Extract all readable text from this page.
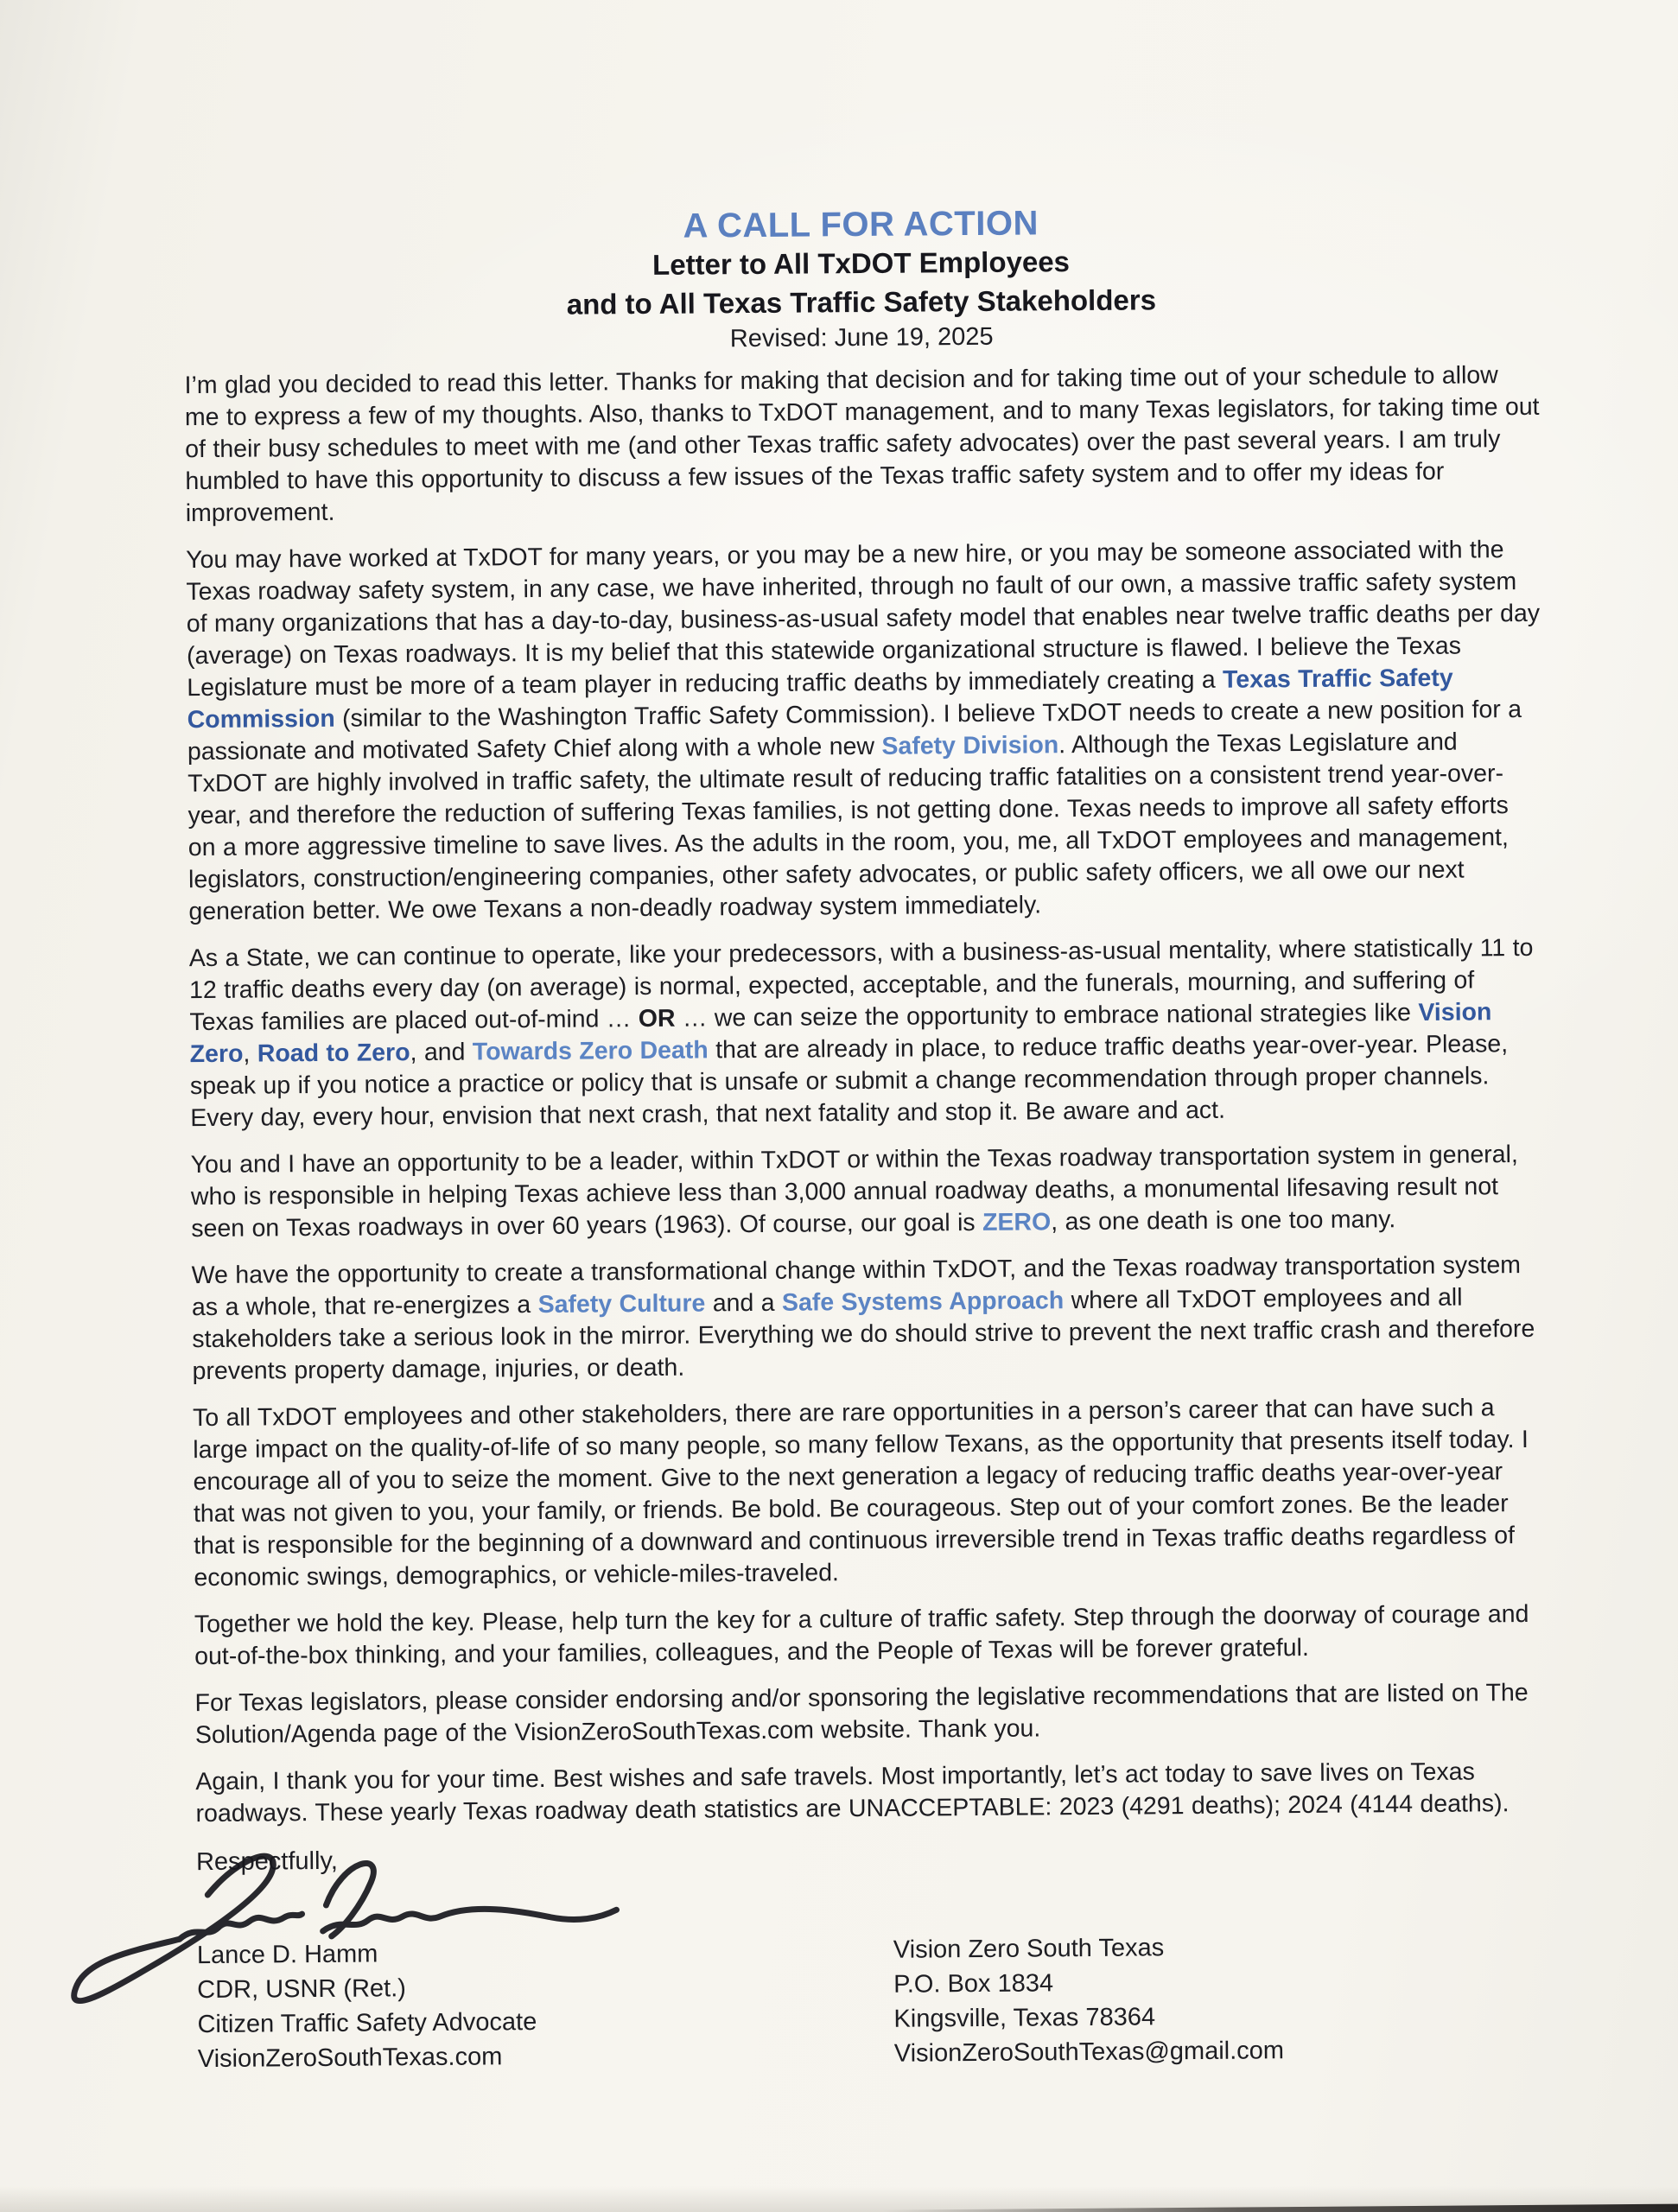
A CALL FOR ACTION
Letter to All TxDOT Employees
and to All Texas Traffic Safety Stakeholders
Revised: June 19, 2025

I’m glad you decided to read this letter. Thanks for making that decision and for taking time out of your schedule to allow me to express a few of my thoughts. Also, thanks to TxDOT management, and to many Texas legislators, for taking time out of their busy schedules to meet with me (and other Texas traffic safety advocates) over the past several years. I am truly humbled to have this opportunity to discuss a few issues of the Texas traffic safety system and to offer my ideas for improvement.

You may have worked at TxDOT for many years, or you may be a new hire, or you may be someone associated with the Texas roadway safety system, in any case, we have inherited, through no fault of our own, a massive traffic safety system of many organizations that has a day-to-day, business-as-usual safety model that enables near twelve traffic deaths per day (average) on Texas roadways. It is my belief that this statewide organizational structure is flawed. I believe the Texas Legislature must be more of a team player in reducing traffic deaths by immediately creating a Texas Traffic Safety Commission (similar to the Washington Traffic Safety Commission). I believe TxDOT needs to create a new position for a passionate and motivated Safety Chief along with a whole new Safety Division. Although the Texas Legislature and TxDOT are highly involved in traffic safety, the ultimate result of reducing traffic fatalities on a consistent trend year-over-year, and therefore the reduction of suffering Texas families, is not getting done. Texas needs to improve all safety efforts on a more aggressive timeline to save lives. As the adults in the room, you, me, all TxDOT employees and management, legislators, construction/engineering companies, other safety advocates, or public safety officers, we all owe our next generation better. We owe Texans a non-deadly roadway system immediately.

As a State, we can continue to operate, like your predecessors, with a business-as-usual mentality, where statistically 11 to 12 traffic deaths every day (on average) is normal, expected, acceptable, and the funerals, mourning, and suffering of Texas families are placed out-of-mind … OR … we can seize the opportunity to embrace national strategies like Vision Zero, Road to Zero, and Towards Zero Death that are already in place, to reduce traffic deaths year-over-year. Please, speak up if you notice a practice or policy that is unsafe or submit a change recommendation through proper channels. Every day, every hour, envision that next crash, that next fatality and stop it. Be aware and act.

You and I have an opportunity to be a leader, within TxDOT or within the Texas roadway transportation system in general, who is responsible in helping Texas achieve less than 3,000 annual roadway deaths, a monumental lifesaving result not seen on Texas roadways in over 60 years (1963). Of course, our goal is ZERO, as one death is one too many.

We have the opportunity to create a transformational change within TxDOT, and the Texas roadway transportation system as a whole, that re-energizes a Safety Culture and a Safe Systems Approach where all TxDOT employees and all stakeholders take a serious look in the mirror. Everything we do should strive to prevent the next traffic crash and therefore prevents property damage, injuries, or death.

To all TxDOT employees and other stakeholders, there are rare opportunities in a person’s career that can have such a large impact on the quality-of-life of so many people, so many fellow Texans, as the opportunity that presents itself today. I encourage all of you to seize the moment. Give to the next generation a legacy of reducing traffic deaths year-over-year that was not given to you, your family, or friends. Be bold. Be courageous. Step out of your comfort zones. Be the leader that is responsible for the beginning of a downward and continuous irreversible trend in Texas traffic deaths regardless of economic swings, demographics, or vehicle-miles-traveled.

Together we hold the key. Please, help turn the key for a culture of traffic safety. Step through the doorway of courage and out-of-the-box thinking, and your families, colleagues, and the People of Texas will be forever grateful.

For Texas legislators, please consider endorsing and/or sponsoring the legislative recommendations that are listed on The Solution/Agenda page of the VisionZeroSouthTexas.com website. Thank you.

Again, I thank you for your time. Best wishes and safe travels. Most importantly, let’s act today to save lives on Texas roadways. These yearly Texas roadway death statistics are UNACCEPTABLE: 2023 (4291 deaths); 2024 (4144 deaths).

Respectfully,
Lance D. Hamm
CDR, USNR (Ret.)
Citizen Traffic Safety Advocate
VisionZeroSouthTexas.com
Vision Zero South Texas
P.O. Box 1834
Kingsville, Texas 78364
VisionZeroSouthTexas@gmail.com
